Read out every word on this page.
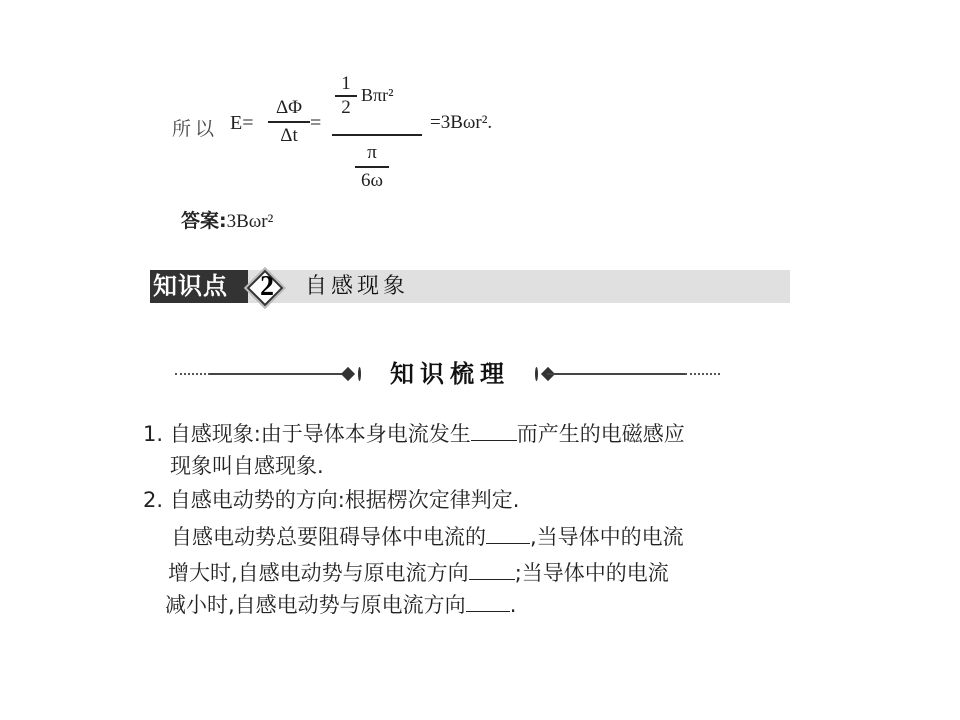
所以 E=
ΔΦ
Δt
=
1
2
Bπr²
π
6ω
=3Bωr².
答案:3Bωr²
知识点	2	自感现象
知识梳理
1. 自感现象:由于导体本身电流发生 而产生的电磁感应
现象叫自感现象.
2. 自感电动势的方向:根据楞次定律判定.
自感电动势总要阻碍导体中电流的 ,当导体中的电流
增大时,自感电动势与原电流方向 ;当导体中的电流
减小时,自感电动势与原电流方向 .
